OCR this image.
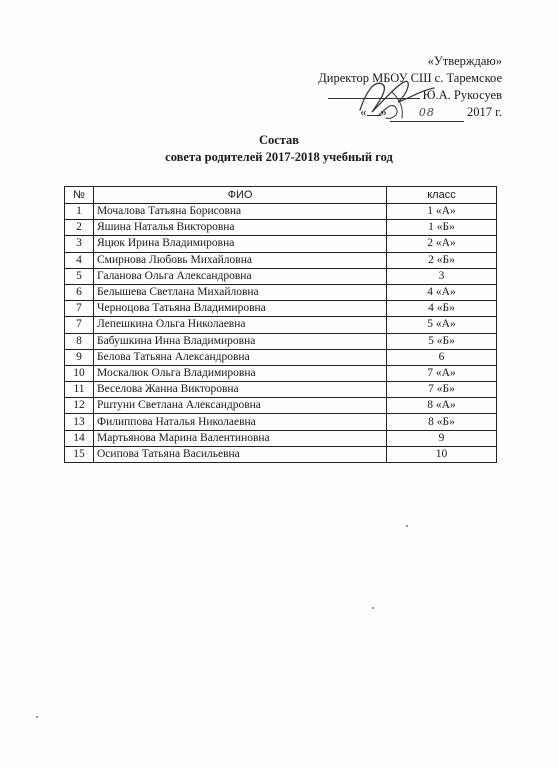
«Утверждаю»
Директор МБОУ СШ с. Таремское
Ю.А. Рукосуев
« »	08	2017 г.
Состав
совета родителей 2017-2018 учебный год
№	ФИО	класс
1	Мочалова Татьяна Борисовна	1 «А»
2	Яшина Наталья Викторовна	1 «Б»
3	Яцюк Ирина Владимировна	2 «А»
4	Смирнова Любовь Михайловна	2 «Б»
5	Галанова Ольга Александровна	3
6	Белышева Светлана Михайловна	4 «А»
7	Черноцова Татьяна Владимировна	4 «Б»
7	Лепешкина Ольга Николаевна	5 «А»
8	Бабушкина Инна Владимировна	5 «Б»
9	Белова Татьяна Александровна	6
10	Москалюк Ольга Владимировна	7 «А»
11	Веселова Жанна Викторовна	7 «Б»
12	Рштуни Светлана Александровна	8 «А»
13	Филиппова Наталья Николаевна	8 «Б»
14	Мартьянова Марина Валентиновна	9
15	Осипова Татьяна Васильевна	10
